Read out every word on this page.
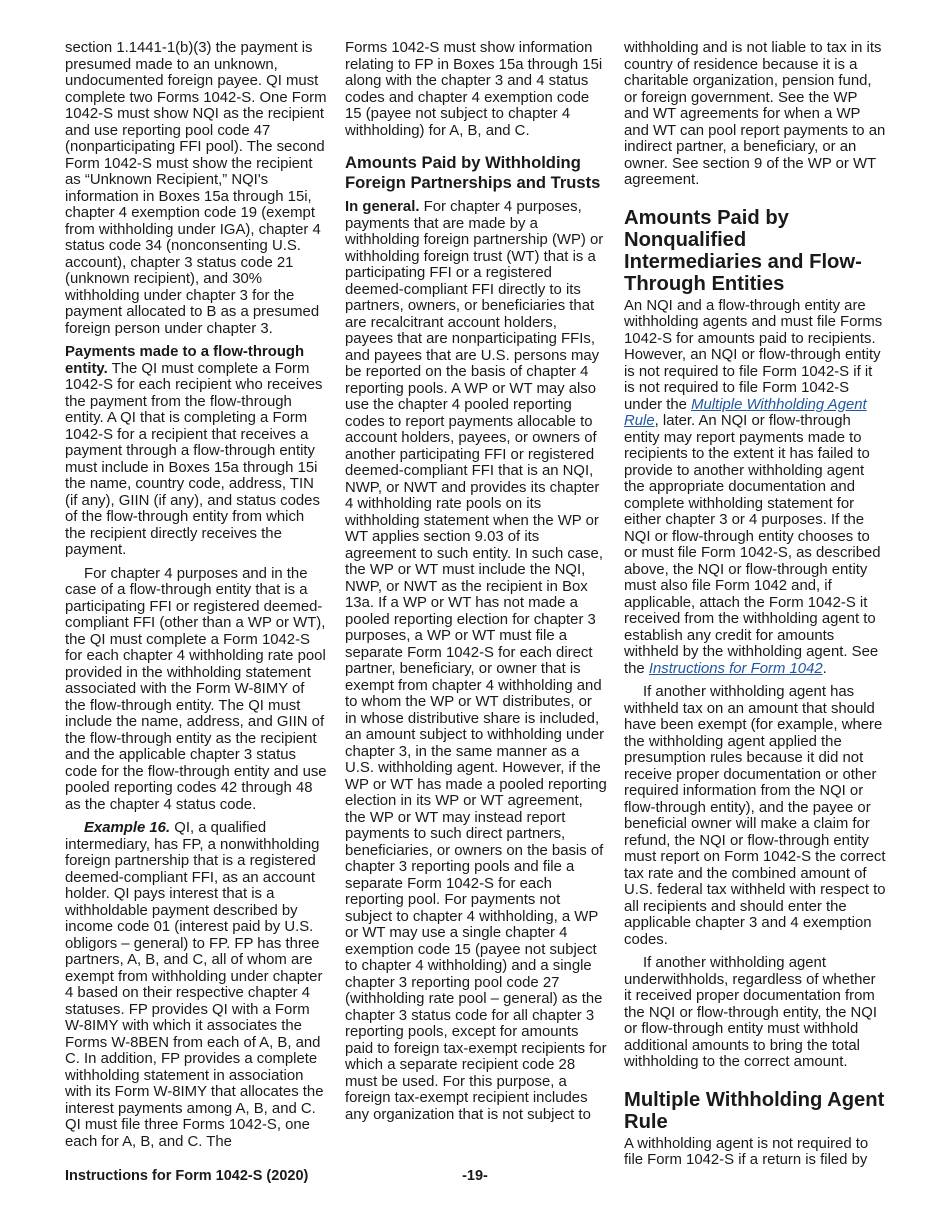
section 1.1441-1(b)(3) the payment is presumed made to an unknown, undocumented foreign payee. QI must complete two Forms 1042-S. One Form 1042-S must show NQI as the recipient and use reporting pool code 47 (nonparticipating FFI pool). The second Form 1042-S must show the recipient as “Unknown Recipient,” NQI's information in Boxes 15a through 15i, chapter 4 exemption code 19 (exempt from withholding under IGA), chapter 4 status code 34 (nonconsenting U.S. account), chapter 3 status code 21 (unknown recipient), and 30% withholding under chapter 3 for the payment allocated to B as a presumed foreign person under chapter 3.

Payments made to a flow-through entity. The QI must complete a Form 1042-S for each recipient who receives the payment from the flow-through entity. A QI that is completing a Form 1042-S for a recipient that receives a payment through a flow-through entity must include in Boxes 15a through 15i the name, country code, address, TIN (if any), GIIN (if any), and status codes of the flow-through entity from which the recipient directly receives the payment.

For chapter 4 purposes and in the case of a flow-through entity that is a participating FFI or registered deemed-compliant FFI (other than a WP or WT), the QI must complete a Form 1042-S for each chapter 4 withholding rate pool provided in the withholding statement associated with the Form W-8IMY of the flow-through entity. The QI must include the name, address, and GIIN of the flow-through entity as the recipient and the applicable chapter 3 status code for the flow-through entity and use pooled reporting codes 42 through 48 as the chapter 4 status code.

Example 16. QI, a qualified intermediary, has FP, a nonwithholding foreign partnership that is a registered deemed-compliant FFI, as an account holder. QI pays interest that is a withholdable payment described by income code 01 (interest paid by U.S. obligors – general) to FP. FP has three partners, A, B, and C, all of whom are exempt from withholding under chapter 4 based on their respective chapter 4 statuses. FP provides QI with a Form W-8IMY with which it associates the Forms W-8BEN from each of A, B, and C. In addition, FP provides a complete withholding statement in association with its Form W-8IMY that allocates the interest payments among A, B, and C. QI must file three Forms 1042-S, one each for A, B, and C. The

Forms 1042-S must show information relating to FP in Boxes 15a through 15i along with the chapter 3 and 4 status codes and chapter 4 exemption code 15 (payee not subject to chapter 4 withholding) for A, B, and C.

Amounts Paid by Withholding Foreign Partnerships and Trusts

In general. For chapter 4 purposes, payments that are made by a withholding foreign partnership (WP) or withholding foreign trust (WT) that is a participating FFI or a registered deemed-compliant FFI directly to its partners, owners, or beneficiaries that are recalcitrant account holders, payees that are nonparticipating FFIs, and payees that are U.S. persons may be reported on the basis of chapter 4 reporting pools. A WP or WT may also use the chapter 4 pooled reporting codes to report payments allocable to account holders, payees, or owners of another participating FFI or registered deemed-compliant FFI that is an NQI, NWP, or NWT and provides its chapter 4 withholding rate pools on its withholding statement when the WP or WT applies section 9.03 of its agreement to such entity. In such case, the WP or WT must include the NQI, NWP, or NWT as the recipient in Box 13a. If a WP or WT has not made a pooled reporting election for chapter 3 purposes, a WP or WT must file a separate Form 1042-S for each direct partner, beneficiary, or owner that is exempt from chapter 4 withholding and to whom the WP or WT distributes, or in whose distributive share is included, an amount subject to withholding under chapter 3, in the same manner as a U.S. withholding agent. However, if the WP or WT has made a pooled reporting election in its WP or WT agreement, the WP or WT may instead report payments to such direct partners, beneficiaries, or owners on the basis of chapter 3 reporting pools and file a separate Form 1042-S for each reporting pool. For payments not subject to chapter 4 withholding, a WP or WT may use a single chapter 4 exemption code 15 (payee not subject to chapter 4 withholding) and a single chapter 3 reporting pool code 27 (withholding rate pool – general) as the chapter 3 status code for all chapter 3 reporting pools, except for amounts paid to foreign tax-exempt recipients for which a separate recipient code 28 must be used. For this purpose, a foreign tax-exempt recipient includes any organization that is not subject to

withholding and is not liable to tax in its country of residence because it is a charitable organization, pension fund, or foreign government. See the WP and WT agreements for when a WP and WT can pool report payments to an indirect partner, a beneficiary, or an owner. See section 9 of the WP or WT agreement.

Amounts Paid by Nonqualified Intermediaries and Flow-Through Entities

An NQI and a flow-through entity are withholding agents and must file Forms 1042-S for amounts paid to recipients. However, an NQI or flow-through entity is not required to file Form 1042-S if it is not required to file Form 1042-S under the Multiple Withholding Agent Rule, later. An NQI or flow-through entity may report payments made to recipients to the extent it has failed to provide to another withholding agent the appropriate documentation and complete withholding statement for either chapter 3 or 4 purposes. If the NQI or flow-through entity chooses to or must file Form 1042-S, as described above, the NQI or flow-through entity must also file Form 1042 and, if applicable, attach the Form 1042-S it received from the withholding agent to establish any credit for amounts withheld by the withholding agent. See the Instructions for Form 1042.

If another withholding agent has withheld tax on an amount that should have been exempt (for example, where the withholding agent applied the presumption rules because it did not receive proper documentation or other required information from the NQI or flow-through entity), and the payee or beneficial owner will make a claim for refund, the NQI or flow-through entity must report on Form 1042-S the correct tax rate and the combined amount of U.S. federal tax withheld with respect to all recipients and should enter the applicable chapter 3 and 4 exemption codes.

If another withholding agent underwithholds, regardless of whether it received proper documentation from the NQI or flow-through entity, the NQI or flow-through entity must withhold additional amounts to bring the total withholding to the correct amount.

Multiple Withholding Agent Rule

A withholding agent is not required to file Form 1042-S if a return is filed by

Instructions for Form 1042-S (2020)	-19-
